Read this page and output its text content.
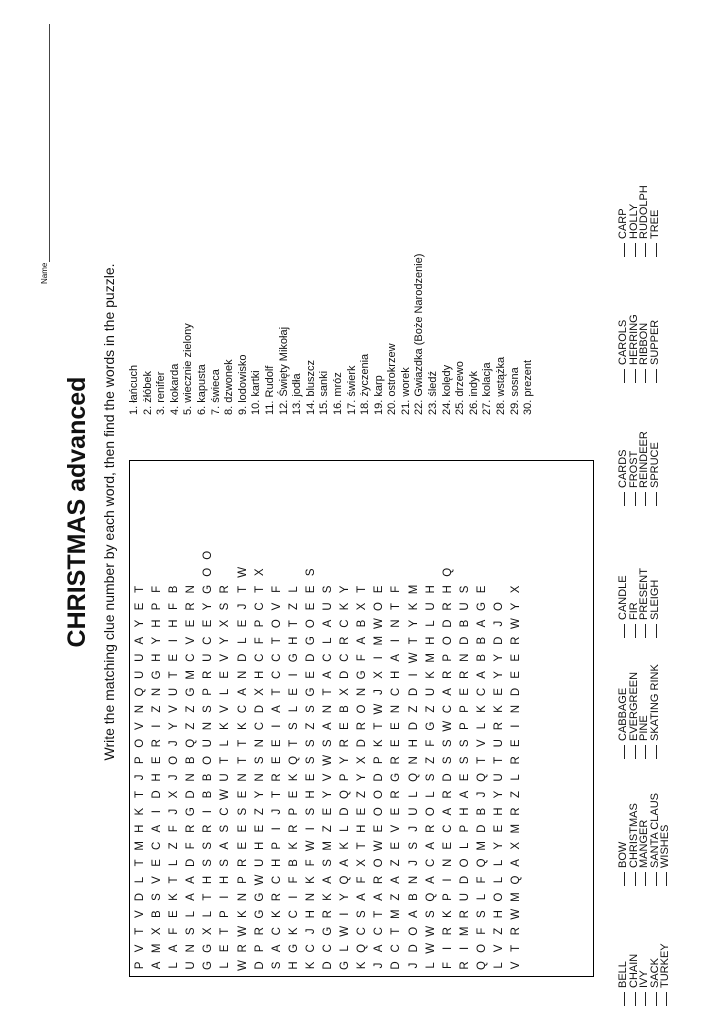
Name
CHRISTMAS advanced Write the matching clue number by each word, then find the words in the puzzle.
P
V
T
V
D
L
T
M
H
K
T
J
P
O
V
N
Q
U
U
A
Y
E
T
A
M
X
B
S
V
E
C
A
I
D
H
E
R
I
Z
N
G
H
Y
H
P
F
L
A
F
E
K
T
L
Z
F
J
X
J
O
J
Y
V
U
T
E
I
H
F
B
U
N
S
L
A
A
D
F
R
G
D
N
B
Q
Z
Z
G
M
C
V
E
R
N
G
G
X
L
T
H
S
S
R
I
B
B
O
U
N
S
P
R
U
C
E
Y
G
O
O
L
E
T
P
I
H
S
A
S
C
W
U
T
L
K
V
L
E
V
Y
X
S
R
W
R
W
K
N
P
R
E
E
S
E
N
T
T
K
C
A
N
D
L
E
J
T
W
D
P
R
G
G
W
U
H
E
Z
Y
N
S
N
C
D
X
H
C
F
P
C
T
X
S
A
C
K
R
C
H
P
I
J
T
R
E
E
I
A
T
C
C
T
O
V
F
H
G
K
C
I
F
B
K
R
P
E
K
Q
T
S
L
E
I
G
H
T
Z
L
K
C
J
H
N
K
F
W
I
S
H
E
S
S
Z
S
G
E
D
G
O
E
E
S
D
C
G
R
K
A
S
M
Z
E
Y
V
W
S
A
N
T
A
C
L
A
U
S
G
L
W
I
Y
Q
A
K
L
D
Q
P
Y
R
E
B
X
D
C
R
C
K
Y
K
Q
C
S
A
F
X
T
H
E
Z
Y
X
D
R
O
N
G
F
A
B
X
T
J
A
C
T
A
R
O
W
E
O
O
D
P
K
T
W
J
X
I
M
W
O
E
D
C
T
M
Z
A
Z
E
V
E
R
G
R
E
E
N
C
H
A
I
N
T
F
J
D
O
A
B
N
J
S
J
U
L
Q
N
H
D
Z
D
I
W
T
Y
K
M
L
W
W
S
Q
A
C
A
R
O
L
S
Z
F
G
Z
U
K
M
H
L
U
H
F
I
R
K
P
I
N
E
C
A
R
D
S
S
W
C
A
R
P
O
D
R
H
Q
R
I
M
R
U
D
O
L
P
H
A
E
S
S
P
P
E
R
N
D
B
U
S
Q
O
F
S
L
F
Q
M
D
B
J
Q
T
V
L
K
C
A
B
B
A
G
E
L
V
Z
H
O
L
L
Y
E
H
Y
U
T
U
R
K
E
Y
Y
D
J
O
V
T
R
W
M
Q
A
X
M
R
Z
L
R
E
I
N
D
E
E
R
W
Y
X
1. łańcuch 2. żłóbek 3. renifer 4. kokarda 5. wiecznie zielony 6. kapusta 7. świeca 8. dzwonek 9. lodowisko 10. kartki 11. Rudolf 12. Święty Mikołaj 13. jodła 14. bluszcz 15. sanki 16. mróz 17. świerk 18. życzenia 19. karp 20. ostrokrzew 21. worek 22. Gwiazdka (Boże Narodzenie) 23. śledź 24. kolędy 25. drzewo 26. indyk 27. kolacja 28. wstążka 29. sosna 30. prezent
BELL
CHAIN
IVY
SACK
TURKEY
BOW
CHRISTMAS
MANGER
SANTA CLAUS
WISHES
CABBAGE
EVERGREEN
PINE
SKATING RINK
CANDLE
FIR
PRESENT
SLEIGH
CARDS
FROST
REINDEER
SPRUCE
CAROLS
HERRING
RIBBON
SUPPER
CARP
HOLLY
RUDOLPH
TREE
